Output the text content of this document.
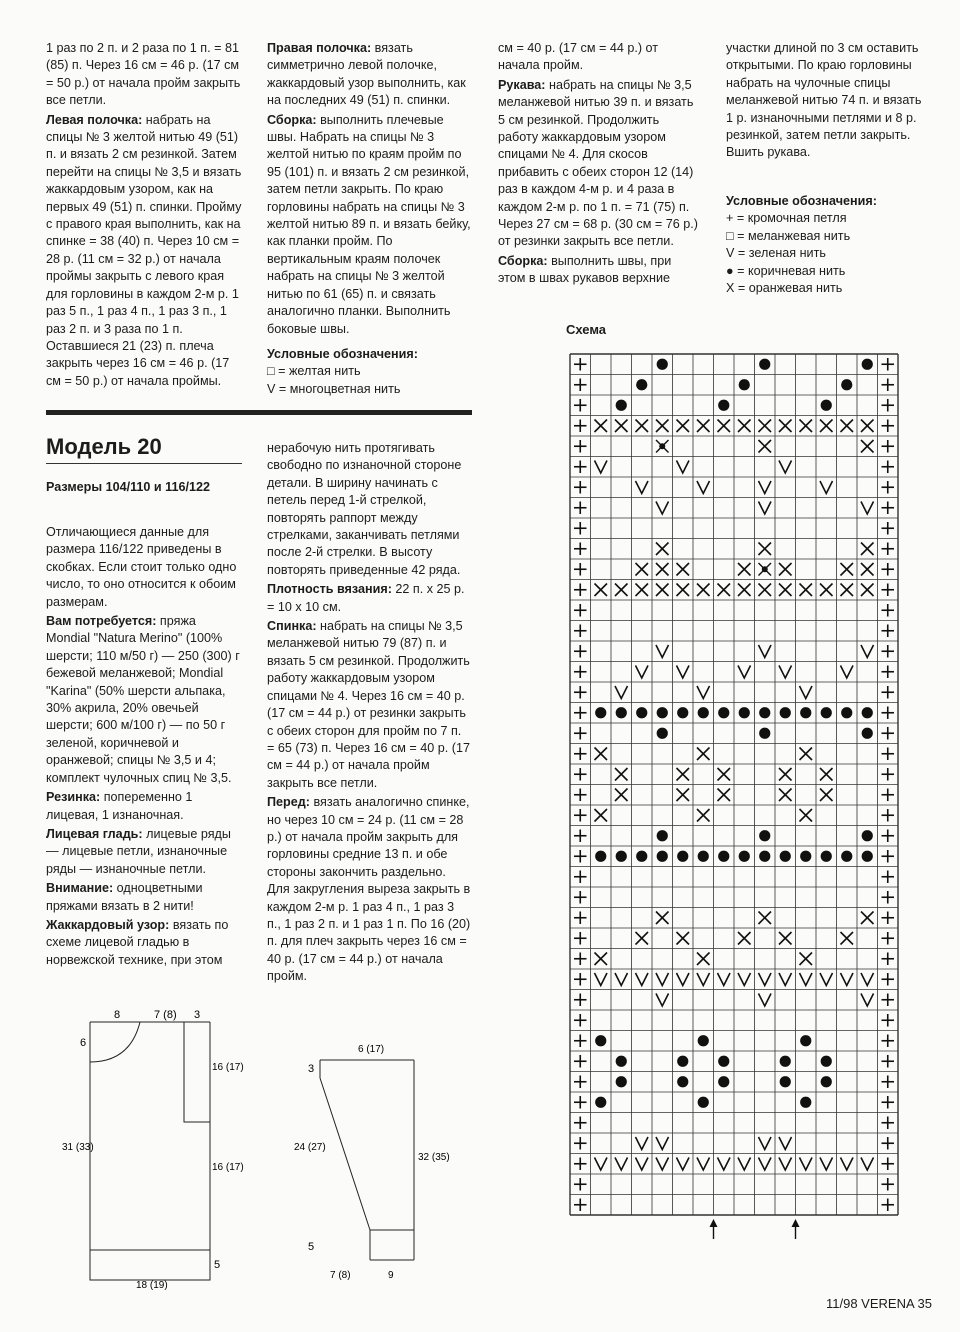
1 раз по 2 п. и 2 раза по 1 п. = 81 (85) п. Через 16 см = 46 р. (17 см = 50 р.) от начала пройм закрыть все петли.

Левая полочка: набрать на спицы № 3 желтой нитью 49 (51) п. и вязать 2 см резинкой. Затем перейти на спицы № 3,5 и вязать жаккардовым узором, как на первых 49 (51) п. спинки. Пройму с правого края выполнить, как на спинке = 38 (40) п. Через 10 см = 28 р. (11 см = 32 р.) от начала проймы закрыть с левого края для горловины в каждом 2-м р. 1 раз 5 п., 1 раз 4 п., 1 раз 3 п., 1 раз 2 п. и 3 раза по 1 п. Оставшиеся 21 (23) п. плеча закрыть через 16 см = 46 р. (17 см = 50 р.) от начала проймы.

Правая полочка: вязать симметрично левой полочке, жаккардовый узор выполнить, как на последних 49 (51) п. спинки.

Сборка: выполнить плечевые швы. Набрать на спицы № 3 желтой нитью по краям пройм по 95 (101) п. и вязать 2 см резинкой, затем петли закрыть. По краю горловины набрать на спицы № 3 желтой нитью 89 п. и вязать бейку, как планки пройм. По вертикальным краям полочек набрать на спицы № 3 желтой нитью по 61 (65) п. и связать аналогично планки. Выполнить боковые швы.

Условные обозначения:
□ = желтая нить
V = многоцветная нить

см = 40 р. (17 см = 44 р.) от начала пройм.

Рукава: набрать на спицы № 3,5 меланжевой нитью 39 п. и вязать 5 см резинкой. Продолжить работу жаккардовым узором спицами № 4. Для скосов прибавить с обеих сторон 12 (14) раз в каждом 4-м р. и 4 раза в каждом 2-м р. по 1 п. = 71 (75) п. Через 27 см = 68 р. (30 см = 76 р.) от резинки закрыть все петли.

Сборка: выполнить швы, при этом в швах рукавов верхние

участки длиной по 3 см оставить открытыми. По краю горловины набрать на чулочные спицы меланжевой нитью 74 п. и вязать 1 р. изнаночными петлями и 8 р. резинкой, затем петли закрыть. Вшить рукава.

Условные обозначения:
+ = кромочная петля
□ = меланжевая нить
V = зеленая нить
● = коричневая нить
X = оранжевая нить
Модель 20
Размеры 104/110 и 116/122

Отличающиеся данные для размера 116/122 приведены в скобках. Если стоит только одно число, то оно относится к обоим размерам.

Вам потребуется: пряжа Mondial "Natura Merino" (100% шерсти; 110 м/50 г) — 250 (300) г бежевой меланжевой; Mondial "Karina" (50% шерсти альпака, 30% акрила, 20% овечьей шерсти; 600 м/100 г) — по 50 г зеленой, коричневой и оранжевой; спицы № 3,5 и 4; комплект чулочных спиц № 3,5.

Резинка: попеременно 1 лицевая, 1 изнаночная.

Лицевая гладь: лицевые ряды — лицевые петли, изнаночные ряды — изнаночные петли.

Внимание: одноцветными пряжами вязать в 2 нити!

Жаккардовый узор: вязать по схеме лицевой гладью в норвежской технике, при этом

нерабочую нить протягивать свободно по изнаночной стороне детали. В ширину начинать с петель перед 1-й стрелкой, повторять раппорт между стрелками, заканчивать петлями после 2-й стрелки. В высоту повторять приведенные 42 ряда.

Плотность вязания: 22 п. x 25 р. = 10 x 10 см.

Спинка: набрать на спицы № 3,5 меланжевой нитью 79 (87) п. и вязать 5 см резинкой. Продолжить работу жаккардовым узором спицами № 4. Через 16 см = 40 р. (17 см = 44 р.) от резинки закрыть с обеих сторон для пройм по 7 п. = 65 (73) п. Через 16 см = 40 р. (17 см = 44 р.) от начала пройм закрыть все петли.

Перед: вязать аналогично спинке, но через 10 см = 24 р. (11 см = 28 р.) от начала пройм закрыть для горловины средние 13 п. и обе стороны закончить раздельно. Для закругления выреза закрыть в каждом 2-м р. 1 раз 4 п., 1 раз 3 п., 1 раз 2 п. и 1 раз 1 п. По 16 (20) п. для плеч закрыть через 16 см = 40 р. (17 см = 44 р.) от начала пройм.

Схема
8	7 (8) 3
6
16 (17)
31 (33)
16 (17)
5
18 (19)
6 (17)
3
24 (27)
32 (35)
5
7 (8)	9
11/98 VERENA 35
